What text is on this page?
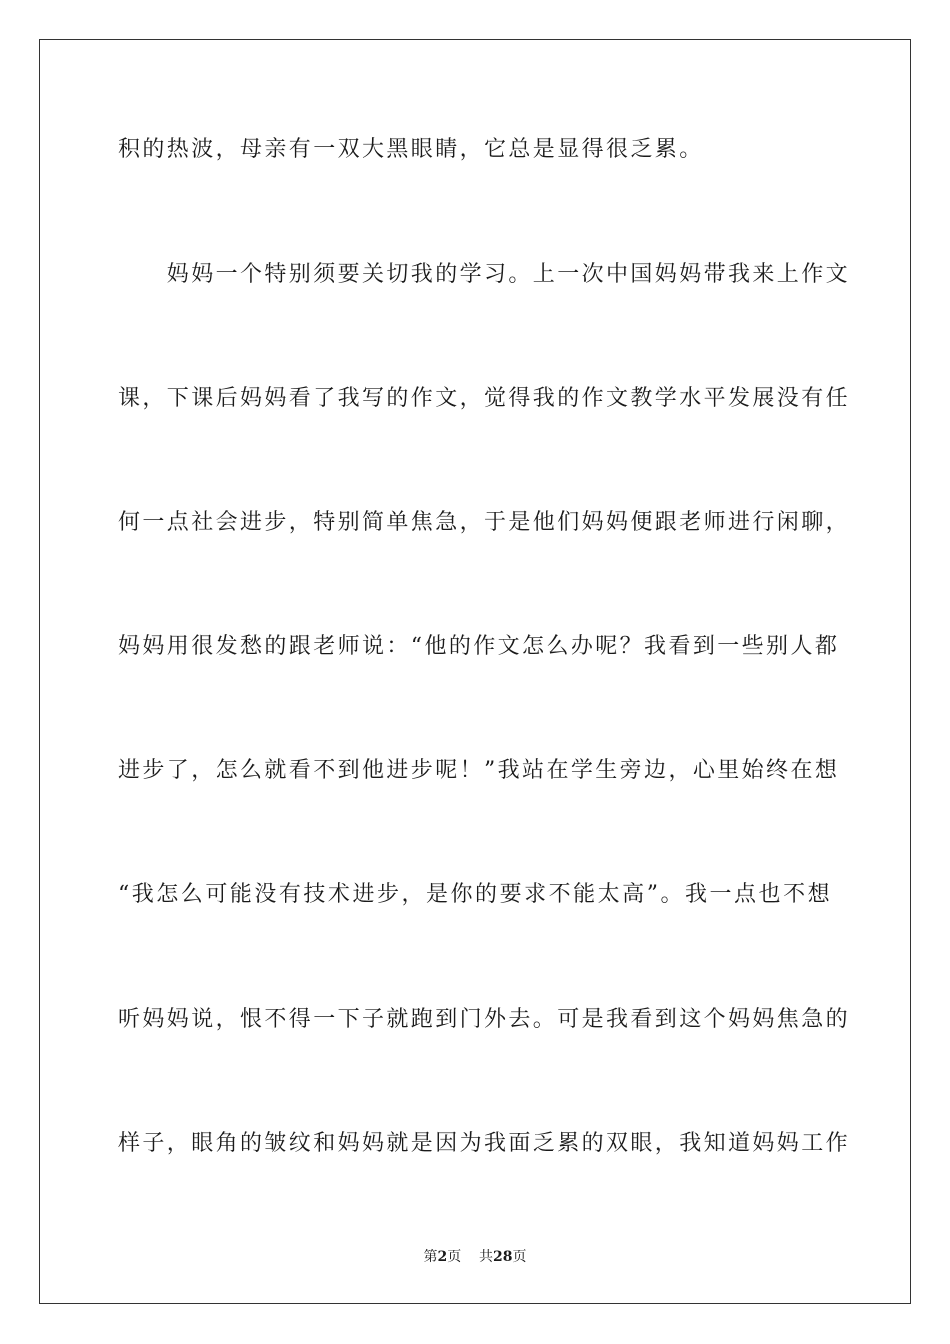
积的热波，母亲有一双大黑眼睛，它总是显得很乏累。
　　妈妈一个特别须要关切我的学习。上一次中国妈妈带我来上作文
课，下课后妈妈看了我写的作文，觉得我的作文教学水平发展没有任
何一点社会进步，特别简单焦急，于是他们妈妈便跟老师进行闲聊，
妈妈用很发愁的跟老师说：“他的作文怎么办呢？我看到一些别人都
进步了，怎么就看不到他进步呢！”我站在学生旁边，心里始终在想
“我怎么可能没有技术进步，是你的要求不能太高”。我一点也不想
听妈妈说，恨不得一下子就跑到门外去。可是我看到这个妈妈焦急的
样子，眼角的皱纹和妈妈就是因为我面乏累的双眼，我知道妈妈工作
第2页 共28页
